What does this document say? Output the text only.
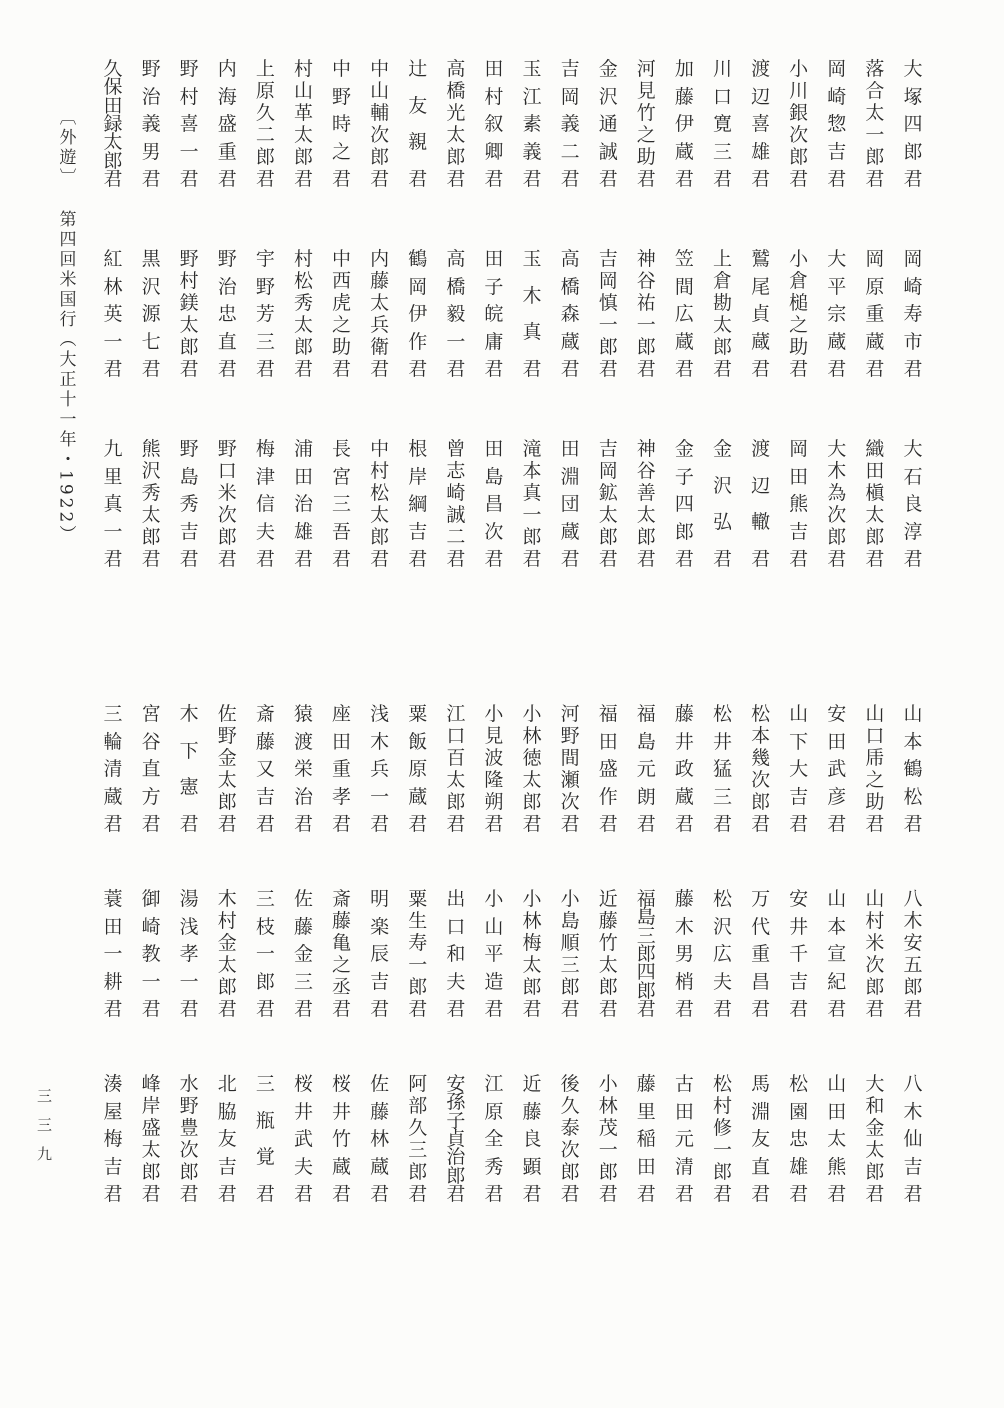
〔外遊〕
第四回米国行（大正十一年・1922）
大
塚
四
郎
君
落
合
太
一
郎
君
岡
崎
惣
吉
君
小
川
銀
次
郎
君
渡
辺
喜
雄
君
川
口
寛
三
君
加
藤
伊
蔵
君
河
見
竹
之
助
君
金
沢
通
誠
君
吉
岡
義
二
君
玉
江
素
義
君
田
村
叙
卿
君
高
橋
光
太
郎
君
辻
友
親
君
中
山
輔
次
郎
君
中
野
時
之
君
村
山
革
太
郎
君
上
原
久
二
郎
君
内
海
盛
重
君
野
村
喜
一
君
野
治
義
男
君
久
保
田
録
太
郎
君
岡
崎
寿
市
君
岡
原
重
蔵
君
大
平
宗
蔵
君
小
倉
槌
之
助
君
鷲
尾
貞
蔵
君
上
倉
勘
太
郎
君
笠
間
広
蔵
君
神
谷
祐
一
郎
君
吉
岡
慎
一
郎
君
高
橋
森
蔵
君
玉
木
真
君
田
子
皖
庸
君
高
橋
毅
一
君
鶴
岡
伊
作
君
内
藤
太
兵
衛
君
中
西
虎
之
助
君
村
松
秀
太
郎
君
宇
野
芳
三
君
野
治
忠
直
君
野
村
鎂
太
郎
君
黒
沢
源
七
君
紅
林
英
一
君
大
石
良
淳
君
織
田
槇
太
郎
君
大
木
為
次
郎
君
岡
田
熊
吉
君
渡
辺
轍
君
金
沢
弘
君
金
子
四
郎
君
神
谷
善
太
郎
君
吉
岡
鉱
太
郎
君
田
淵
団
蔵
君
滝
本
真
一
郎
君
田
島
昌
次
君
曾
志
崎
誠
二
君
根
岸
綱
吉
君
中
村
松
太
郎
君
長
宮
三
吾
君
浦
田
治
雄
君
梅
津
信
夫
君
野
口
米
次
郎
君
野
島
秀
吉
君
熊
沢
秀
太
郎
君
九
里
真
一
君
山
本
鶴
松
君
山
口
乕
之
助
君
安
田
武
彦
君
山
下
大
吉
君
松
本
幾
次
郎
君
松
井
猛
三
君
藤
井
政
蔵
君
福
島
元
朗
君
福
田
盛
作
君
河
野
間
瀬
次
君
小
林
徳
太
郎
君
小
見
波
隆
朔
君
江
口
百
太
郎
君
粟
飯
原
蔵
君
浅
木
兵
一
君
座
田
重
孝
君
猿
渡
栄
治
君
斎
藤
又
吉
君
佐
野
金
太
郎
君
木
下
憲
君
宮
谷
直
方
君
三
輪
清
蔵
君
八
木
安
五
郎
君
山
村
米
次
郎
君
山
本
宣
紀
君
安
井
千
吉
君
万
代
重
昌
君
松
沢
広
夫
君
藤
木
男
梢
君
福
島
三
郎
四
郎
君
近
藤
竹
太
郎
君
小
島
順
三
郎
君
小
林
梅
太
郎
君
小
山
平
造
君
出
口
和
夫
君
粟
生
寿
一
郎
君
明
楽
辰
吉
君
斎
藤
亀
之
丞
君
佐
藤
金
三
君
三
枝
一
郎
君
木
村
金
太
郎
君
湯
浅
孝
一
君
御
崎
教
一
君
蓑
田
一
耕
君
八
木
仙
吉
君
大
和
金
太
郎
君
山
田
太
熊
君
松
園
忠
雄
君
馬
淵
友
直
君
松
村
修
一
郎
君
古
田
元
清
君
藤
里
稲
田
君
小
林
茂
一
郎
君
後
久
泰
次
郎
君
近
藤
良
顕
君
江
原
全
秀
君
安
孫
子
貞
治
郎
君
阿
部
久
三
郎
君
佐
藤
林
蔵
君
桜
井
竹
蔵
君
桜
井
武
夫
君
三
瓶
覚
君
北
脇
友
吉
君
水
野
豊
次
郎
君
峰
岸
盛
太
郎
君
湊
屋
梅
吉
君
三三九
